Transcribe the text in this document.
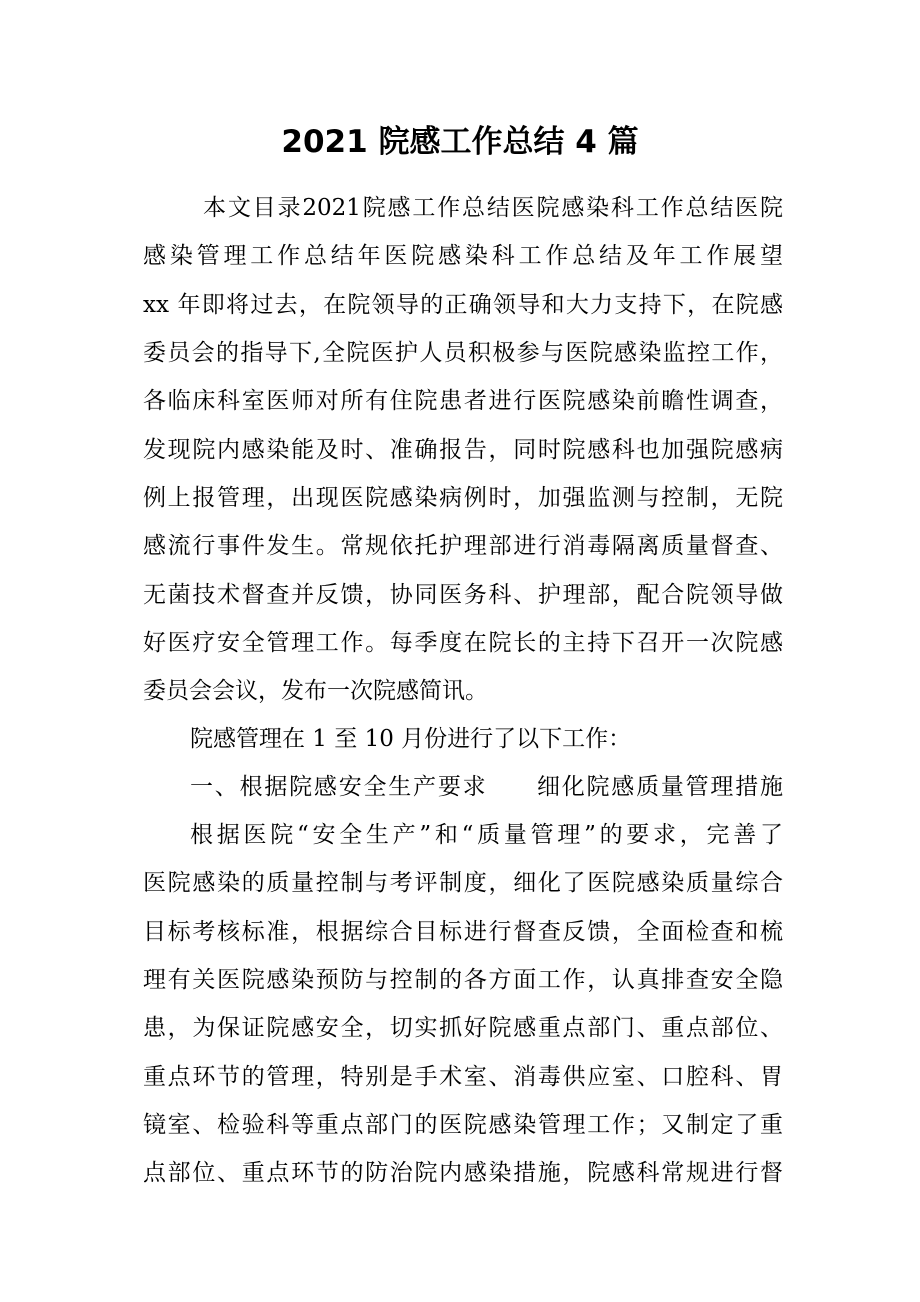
2021 院感工作总结 4 篇

本文目录2021院感工作总结医院感染科工作总结医院

感染管理工作总结年医院感染科工作总结及年工作展望

xx 年即将过去，在院领导的正确领导和大力支持下，在院感

委员会的指导下,全院医护人员积极参与医院感染监控工作，

各临床科室医师对所有住院患者进行医院感染前瞻性调查，

发现院内感染能及时、准确报告，同时院感科也加强院感病

例上报管理，出现医院感染病例时，加强监测与控制，无院

感流行事件发生。常规依托护理部进行消毒隔离质量督查、

无菌技术督查并反馈，协同医务科、护理部，配合院领导做

好医疗安全管理工作。每季度在院长的主持下召开一次院感

委员会会议，发布一次院感简讯。

院感管理在 1 至 10 月份进行了以下工作：

一、根据院感安全生产要求　　细化院感质量管理措施

根据医院“安全生产”和“质量管理”的要求，完善了

医院感染的质量控制与考评制度，细化了医院感染质量综合

目标考核标准，根据综合目标进行督查反馈，全面检查和梳

理有关医院感染预防与控制的各方面工作，认真排查安全隐

患，为保证院感安全，切实抓好院感重点部门、重点部位、

重点环节的管理，特别是手术室、消毒供应室、口腔科、胃

镜室、检验科等重点部门的医院感染管理工作；又制定了重

点部位、重点环节的防治院内感染措施，院感科常规进行督
